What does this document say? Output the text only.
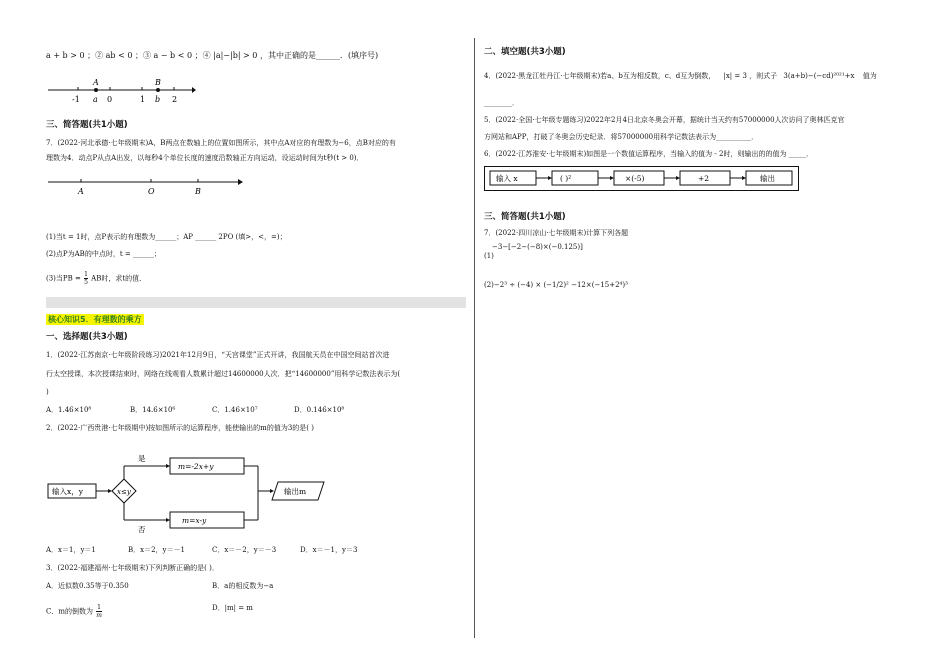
a + b > 0 ；② ab < 0 ；③ a − b < 0 ；④ |a|−|b| > 0 ，其中正确的是______．(填序号)
A	B
-1 a 0	1 b 2
三、简答题(共1小题)
7．(2022·河北承德·七年级期末)A，B两点在数轴上的位置如图所示，其中点A对应的有理数为−6，点B对应的有
理数为4．动点P从点A出发，以每秒4个单位长度的速度沿数轴正方向运动，设运动时间为t秒(t > 0)．
A	O	B
(1)当t = 1时，点P表示的有理数为______；AP ______ 2PO (填>，<，=)；
(2)点P为AB的中点时，t = ______；
(3)当PB = $\frac{1}{5}$ AB时，求t的值．
核心知识5．有理数的乘方
一、选择题(共3小题)
1．(2022·江苏南京·七年级阶段练习)2021年12月9日，“天宫课堂”正式开讲，我国航天员在中国空间站首次进
行太空授课，本次授课结束时，网络在线观看人数累计超过14600000人次．把“14600000”用科学记数法表示为(
)
A．1.46×10⁸	B．14.6×10⁶	C．1.46×10⁷	D．0.146×10⁸
2．(2022·广西贵港·七年级期中)按如图所示的运算程序，能使输出的m的值为3的是( )
输入x，y	x≤y
是
否
m=-2x+y
m=x-y
输出m
A．x＝1，y＝1	B．x＝2，y＝－1	C．x＝－2，y＝－3	D．x＝－1，y＝3
3．(2022·福建福州·七年级期末)下列判断正确的是( )．
A．近似数0.35等于0.350	B．a的相反数为−a
C．m的倒数为 $\frac{1}{m}$	D．|m| = m
二、填空题(共3小题)
4．(2022·黑龙江牡丹江·七年级期末)若a、b互为相反数，c、d互为倒数， |x| = 3 ，则式子 3(a+b)−(−cd)²⁰²¹+x 值为
________．
5．(2022·全国·七年级专题练习)2022年2月4日北京冬奥会开幕，据统计当天约有57000000人次访问了奥林匹克官
方网站和APP，打破了冬奥会历史纪录．将57000000用科学记数法表示为__________．
6．(2022·江苏淮安·七年级期末)如图是一个数值运算程序，当输入的值为 - 2时，则输出的的值为 _____．
输入 x	( )²	×(-5)	+2	输出
三、简答题(共1小题)
7．(2022·四川凉山·七年级期末)计算下列各题
−3−[−2−(−8)×(−0.125)]
(1)
(2)−2³ ÷ (−4) × (−1/2)² −12×(−15+2⁴)³
